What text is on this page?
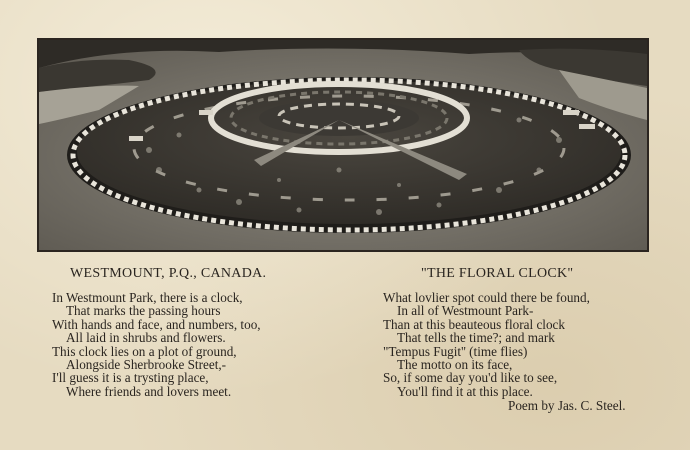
WESTMOUNT, P.Q., CANADA.
In Westmount Park, there is a clock,
That marks the passing hours
With hands and face, and numbers, too,
All laid in shrubs and flowers.
This clock lies on a plot of ground,
Alongside Sherbrooke Street,-
I'll guess it is a trysting place,
Where friends and lovers meet.
"THE FLORAL CLOCK"
What lovlier spot could there be found,
In all of Westmount Park-
Than at this beauteous floral clock
That tells the time?; and mark
"Tempus Fugit'' (time flies)
The motto on its face,
So, if some day you'd like to see,
You'll find it at this place.
Poem by Jas. C. Steel.
